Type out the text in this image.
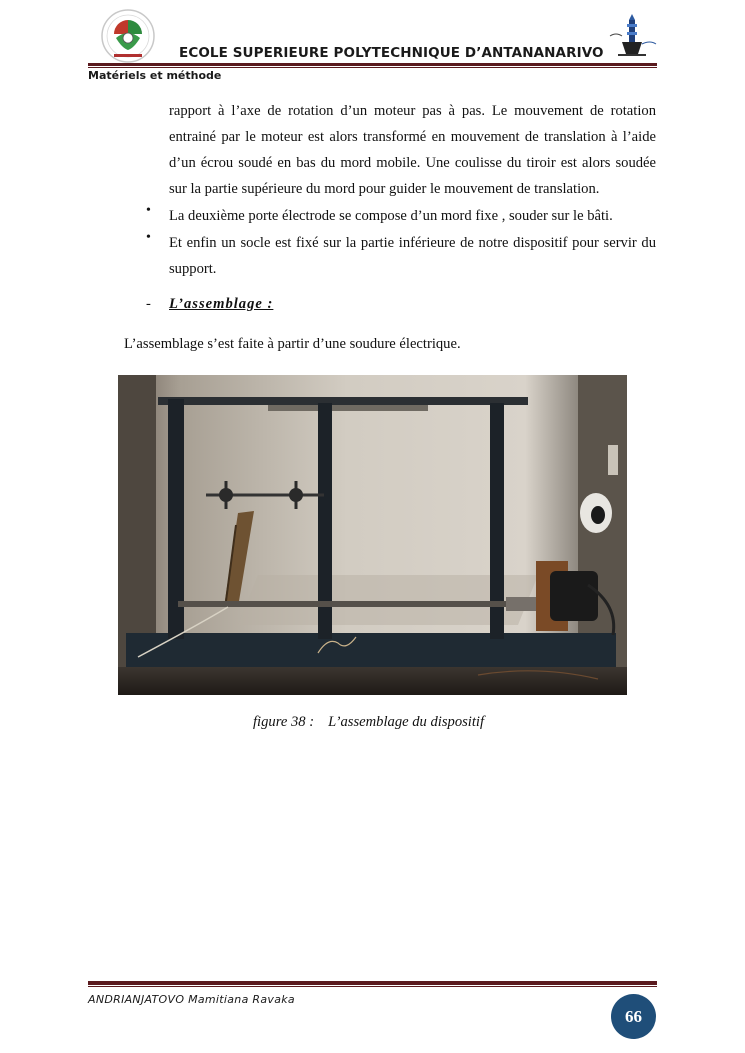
ECOLE SUPERIEURE POLYTECHNIQUE D’ANTANANARIVO
Matériels et méthode
rapport à l’axe de rotation d’un moteur pas à pas. Le mouvement de rotation entrainé par le moteur est alors transformé en mouvement de translation à l’aide d’un écrou soudé en bas du mord mobile. Une coulisse du tiroir est alors soudée sur la partie supérieure du mord pour guider le mouvement de translation.
• La deuxième porte électrode se compose d’un mord fixe , souder sur le bâti.
• Et enfin un socle est fixé sur la partie inférieure de notre dispositif pour servir du support.
- L’assemblage :
L’assemblage s’est faite à partir d’une soudure électrique.
figure 38 : L’assemblage du dispositif
ANDRIANJATOVO Mamitiana Ravaka
66
